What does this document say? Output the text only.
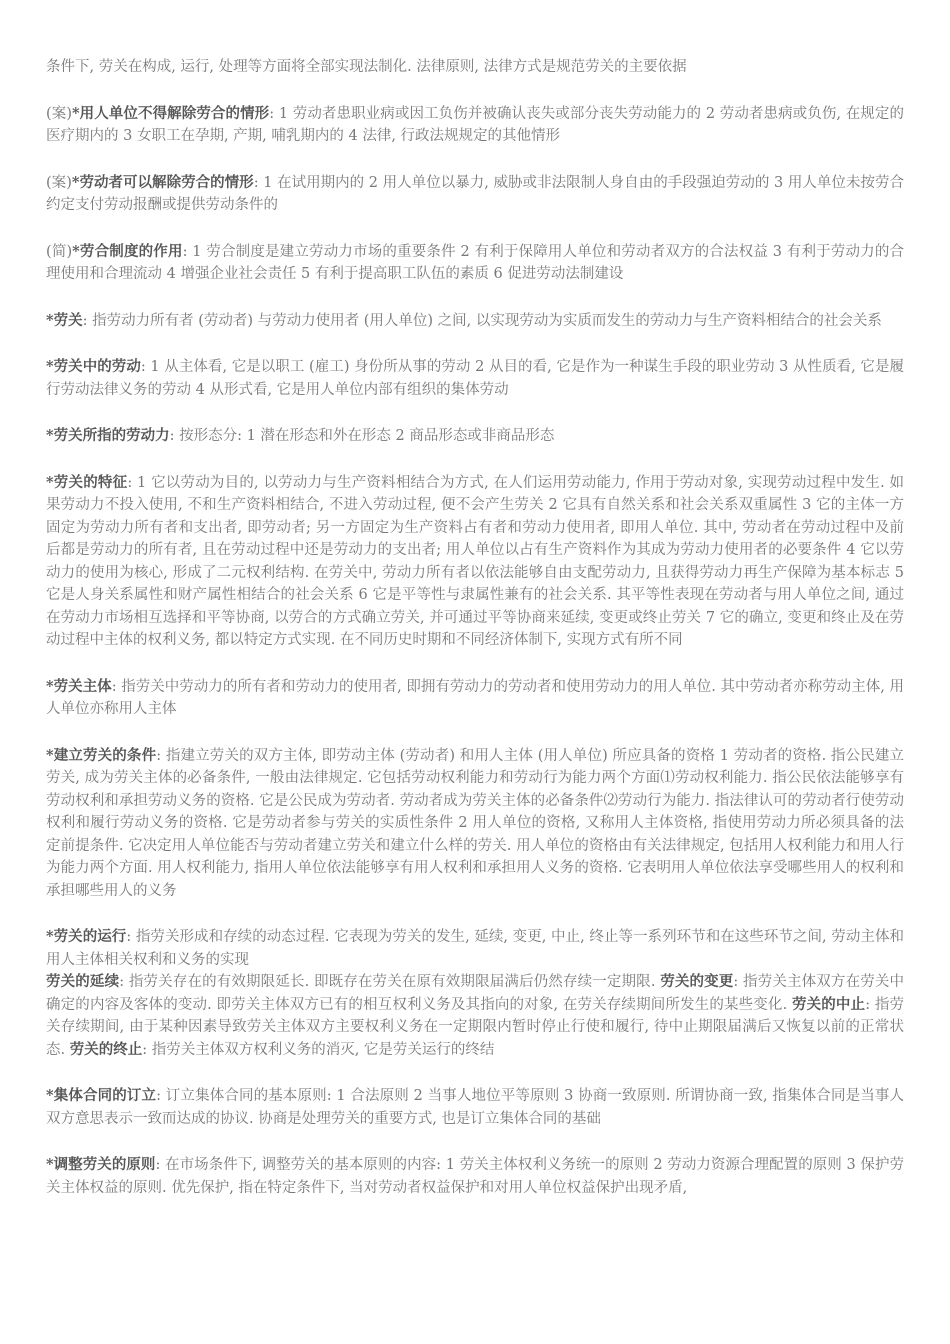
条件下, 劳关在构成, 运行, 处理等方面将全部实现法制化. 法律原则, 法律方式是规范劳关的主要依据

(案)*用人单位不得解除劳合的情形: 1 劳动者患职业病或因工负伤并被确认丧失或部分丧失劳动能力的 2 劳动者患病或负伤, 在规定的医疗期内的 3 女职工在孕期, 产期, 哺乳期内的 4 法律, 行政法规规定的其他情形

(案)*劳动者可以解除劳合的情形: 1 在试用期内的 2 用人单位以暴力, 威胁或非法限制人身自由的手段强迫劳动的 3 用人单位未按劳合约定支付劳动报酬或提供劳动条件的

(简)*劳合制度的作用: 1 劳合制度是建立劳动力市场的重要条件 2 有利于保障用人单位和劳动者双方的合法权益 3 有利于劳动力的合理使用和合理流动 4 增强企业社会责任 5 有利于提高职工队伍的素质 6 促进劳动法制建设

*劳关: 指劳动力所有者 (劳动者) 与劳动力使用者 (用人单位) 之间, 以实现劳动为实质而发生的劳动力与生产资料相结合的社会关系

*劳关中的劳动: 1 从主体看, 它是以职工 (雇工) 身份所从事的劳动 2 从目的看, 它是作为一种谋生手段的职业劳动 3 从性质看, 它是履行劳动法律义务的劳动 4 从形式看, 它是用人单位内部有组织的集体劳动

*劳关所指的劳动力: 按形态分: 1 潜在形态和外在形态 2 商品形态或非商品形态

*劳关的特征: 1 它以劳动为目的, 以劳动力与生产资料相结合为方式, 在人们运用劳动能力, 作用于劳动对象, 实现劳动过程中发生. 如果劳动力不投入使用, 不和生产资料相结合, 不进入劳动过程, 便不会产生劳关 2 它具有自然关系和社会关系双重属性 3 它的主体一方固定为劳动力所有者和支出者, 即劳动者; 另一方固定为生产资料占有者和劳动力使用者, 即用人单位. 其中, 劳动者在劳动过程中及前后都是劳动力的所有者, 且在劳动过程中还是劳动力的支出者; 用人单位以占有生产资料作为其成为劳动力使用者的必要条件 4 它以劳动力的使用为核心, 形成了二元权利结构. 在劳关中, 劳动力所有者以依法能够自由支配劳动力, 且获得劳动力再生产保障为基本标志 5 它是人身关系属性和财产属性相结合的社会关系 6 它是平等性与隶属性兼有的社会关系. 其平等性表现在劳动者与用人单位之间, 通过在劳动力市场相互选择和平等协商, 以劳合的方式确立劳关, 并可通过平等协商来延续, 变更或终止劳关 7 它的确立, 变更和终止及在劳动过程中主体的权利义务, 都以特定方式实现. 在不同历史时期和不同经济体制下, 实现方式有所不同

*劳关主体: 指劳关中劳动力的所有者和劳动力的使用者, 即拥有劳动力的劳动者和使用劳动力的用人单位. 其中劳动者亦称劳动主体, 用人单位亦称用人主体

*建立劳关的条件: 指建立劳关的双方主体, 即劳动主体 (劳动者) 和用人主体 (用人单位) 所应具备的资格 1 劳动者的资格. 指公民建立劳关, 成为劳关主体的必备条件, 一般由法律规定. 它包括劳动权利能力和劳动行为能力两个方面⑴劳动权利能力. 指公民依法能够享有劳动权利和承担劳动义务的资格. 它是公民成为劳动者. 劳动者成为劳关主体的必备条件⑵劳动行为能力. 指法律认可的劳动者行使劳动权利和履行劳动义务的资格. 它是劳动者参与劳关的实质性条件 2 用人单位的资格, 又称用人主体资格, 指使用劳动力所必须具备的法定前提条件. 它决定用人单位能否与劳动者建立劳关和建立什么样的劳关. 用人单位的资格由有关法律规定, 包括用人权利能力和用人行为能力两个方面. 用人权利能力, 指用人单位依法能够享有用人权利和承担用人义务的资格. 它表明用人单位依法享受哪些用人的权利和承担哪些用人的义务

*劳关的运行: 指劳关形成和存续的动态过程. 它表现为劳关的发生, 延续, 变更, 中止, 终止等一系列环节和在这些环节之间, 劳动主体和用人主体相关权利和义务的实现

劳关的延续: 指劳关存在的有效期限延长. 即既存在劳关在原有效期限届满后仍然存续一定期限. 劳关的变更: 指劳关主体双方在劳关中确定的内容及客体的变动. 即劳关主体双方已有的相互权利义务及其指向的对象, 在劳关存续期间所发生的某些变化. 劳关的中止: 指劳关存续期间, 由于某种因素导致劳关主体双方主要权利义务在一定期限内暂时停止行使和履行, 待中止期限届满后又恢复以前的正常状态. 劳关的终止: 指劳关主体双方权利义务的消灭, 它是劳关运行的终结

*集体合同的订立: 订立集体合同的基本原则: 1 合法原则 2 当事人地位平等原则 3 协商一致原则. 所谓协商一致, 指集体合同是当事人双方意思表示一致而达成的协议. 协商是处理劳关的重要方式, 也是订立集体合同的基础

*调整劳关的原则: 在市场条件下, 调整劳关的基本原则的内容: 1 劳关主体权利义务统一的原则 2 劳动力资源合理配置的原则 3 保护劳关主体权益的原则. 优先保护, 指在特定条件下, 当对劳动者权益保护和对用人单位权益保护出现矛盾,
